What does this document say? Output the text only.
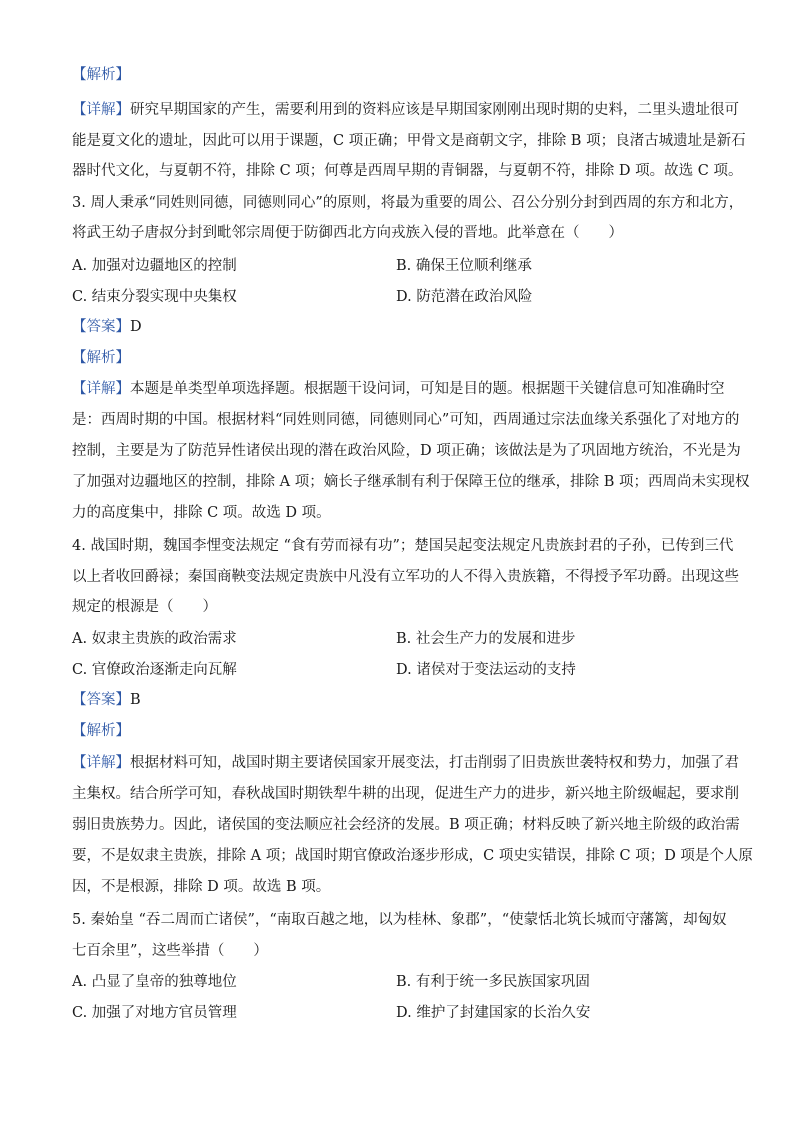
【解析】
【详解】研究早期国家的产生，需要利用到的资料应该是早期国家刚刚出现时期的史料，二里头遗址很可
能是夏文化的遗址，因此可以用于课题，C 项正确；甲骨文是商朝文字，排除 B 项；良渚古城遗址是新石
器时代文化，与夏朝不符，排除 C 项；何尊是西周早期的青铜器，与夏朝不符，排除 D 项。故选 C 项。
3. 周人秉承“同姓则同德，同德则同心”的原则，将最为重要的周公、召公分别分封到西周的东方和北方，
将武王幼子唐叔分封到毗邻宗周便于防御西北方向戎族入侵的晋地。此举意在（　　）
A. 加强对边疆地区的控制	B. 确保王位顺利继承
C. 结束分裂实现中央集权	D. 防范潜在政治风险
【答案】D
【解析】
【详解】本题是单类型单项选择题。根据题干设问词，可知是目的题。根据题干关键信息可知准确时空
是：西周时期的中国。根据材料“同姓则同德，同德则同心”可知，西周通过宗法血缘关系强化了对地方的
控制，主要是为了防范异性诸侯出现的潜在政治风险，D 项正确；该做法是为了巩固地方统治，不光是为
了加强对边疆地区的控制，排除 A 项；嫡长子继承制有利于保障王位的继承，排除 B 项；西周尚未实现权
力的高度集中，排除 C 项。故选 D 项。
4. 战国时期，魏国李悝变法规定 “食有劳而禄有功”；楚国吴起变法规定凡贵族封君的子孙，已传到三代
以上者收回爵禄；秦国商鞅变法规定贵族中凡没有立军功的人不得入贵族籍，不得授予军功爵。出现这些
规定的根源是（　　）
A. 奴隶主贵族的政治需求	B. 社会生产力的发展和进步
C. 官僚政治逐渐走向瓦解	D. 诸侯对于变法运动的支持
【答案】B
【解析】
【详解】根据材料可知，战国时期主要诸侯国家开展变法，打击削弱了旧贵族世袭特权和势力，加强了君
主集权。结合所学可知，春秋战国时期铁犁牛耕的出现，促进生产力的进步，新兴地主阶级崛起，要求削
弱旧贵族势力。因此，诸侯国的变法顺应社会经济的发展。B 项正确；材料反映了新兴地主阶级的政治需
要，不是奴隶主贵族，排除 A 项；战国时期官僚政治逐步形成，C 项史实错误，排除 C 项；D 项是个人原
因，不是根源，排除 D 项。故选 B 项。
5. 秦始皇 “吞二周而亡诸侯”，“南取百越之地，以为桂林、象郡”，“使蒙恬北筑长城而守藩篱，却匈奴
七百余里”，这些举措（　　）
A. 凸显了皇帝的独尊地位	B. 有利于统一多民族国家巩固
C. 加强了对地方官员管理	D. 维护了封建国家的长治久安
